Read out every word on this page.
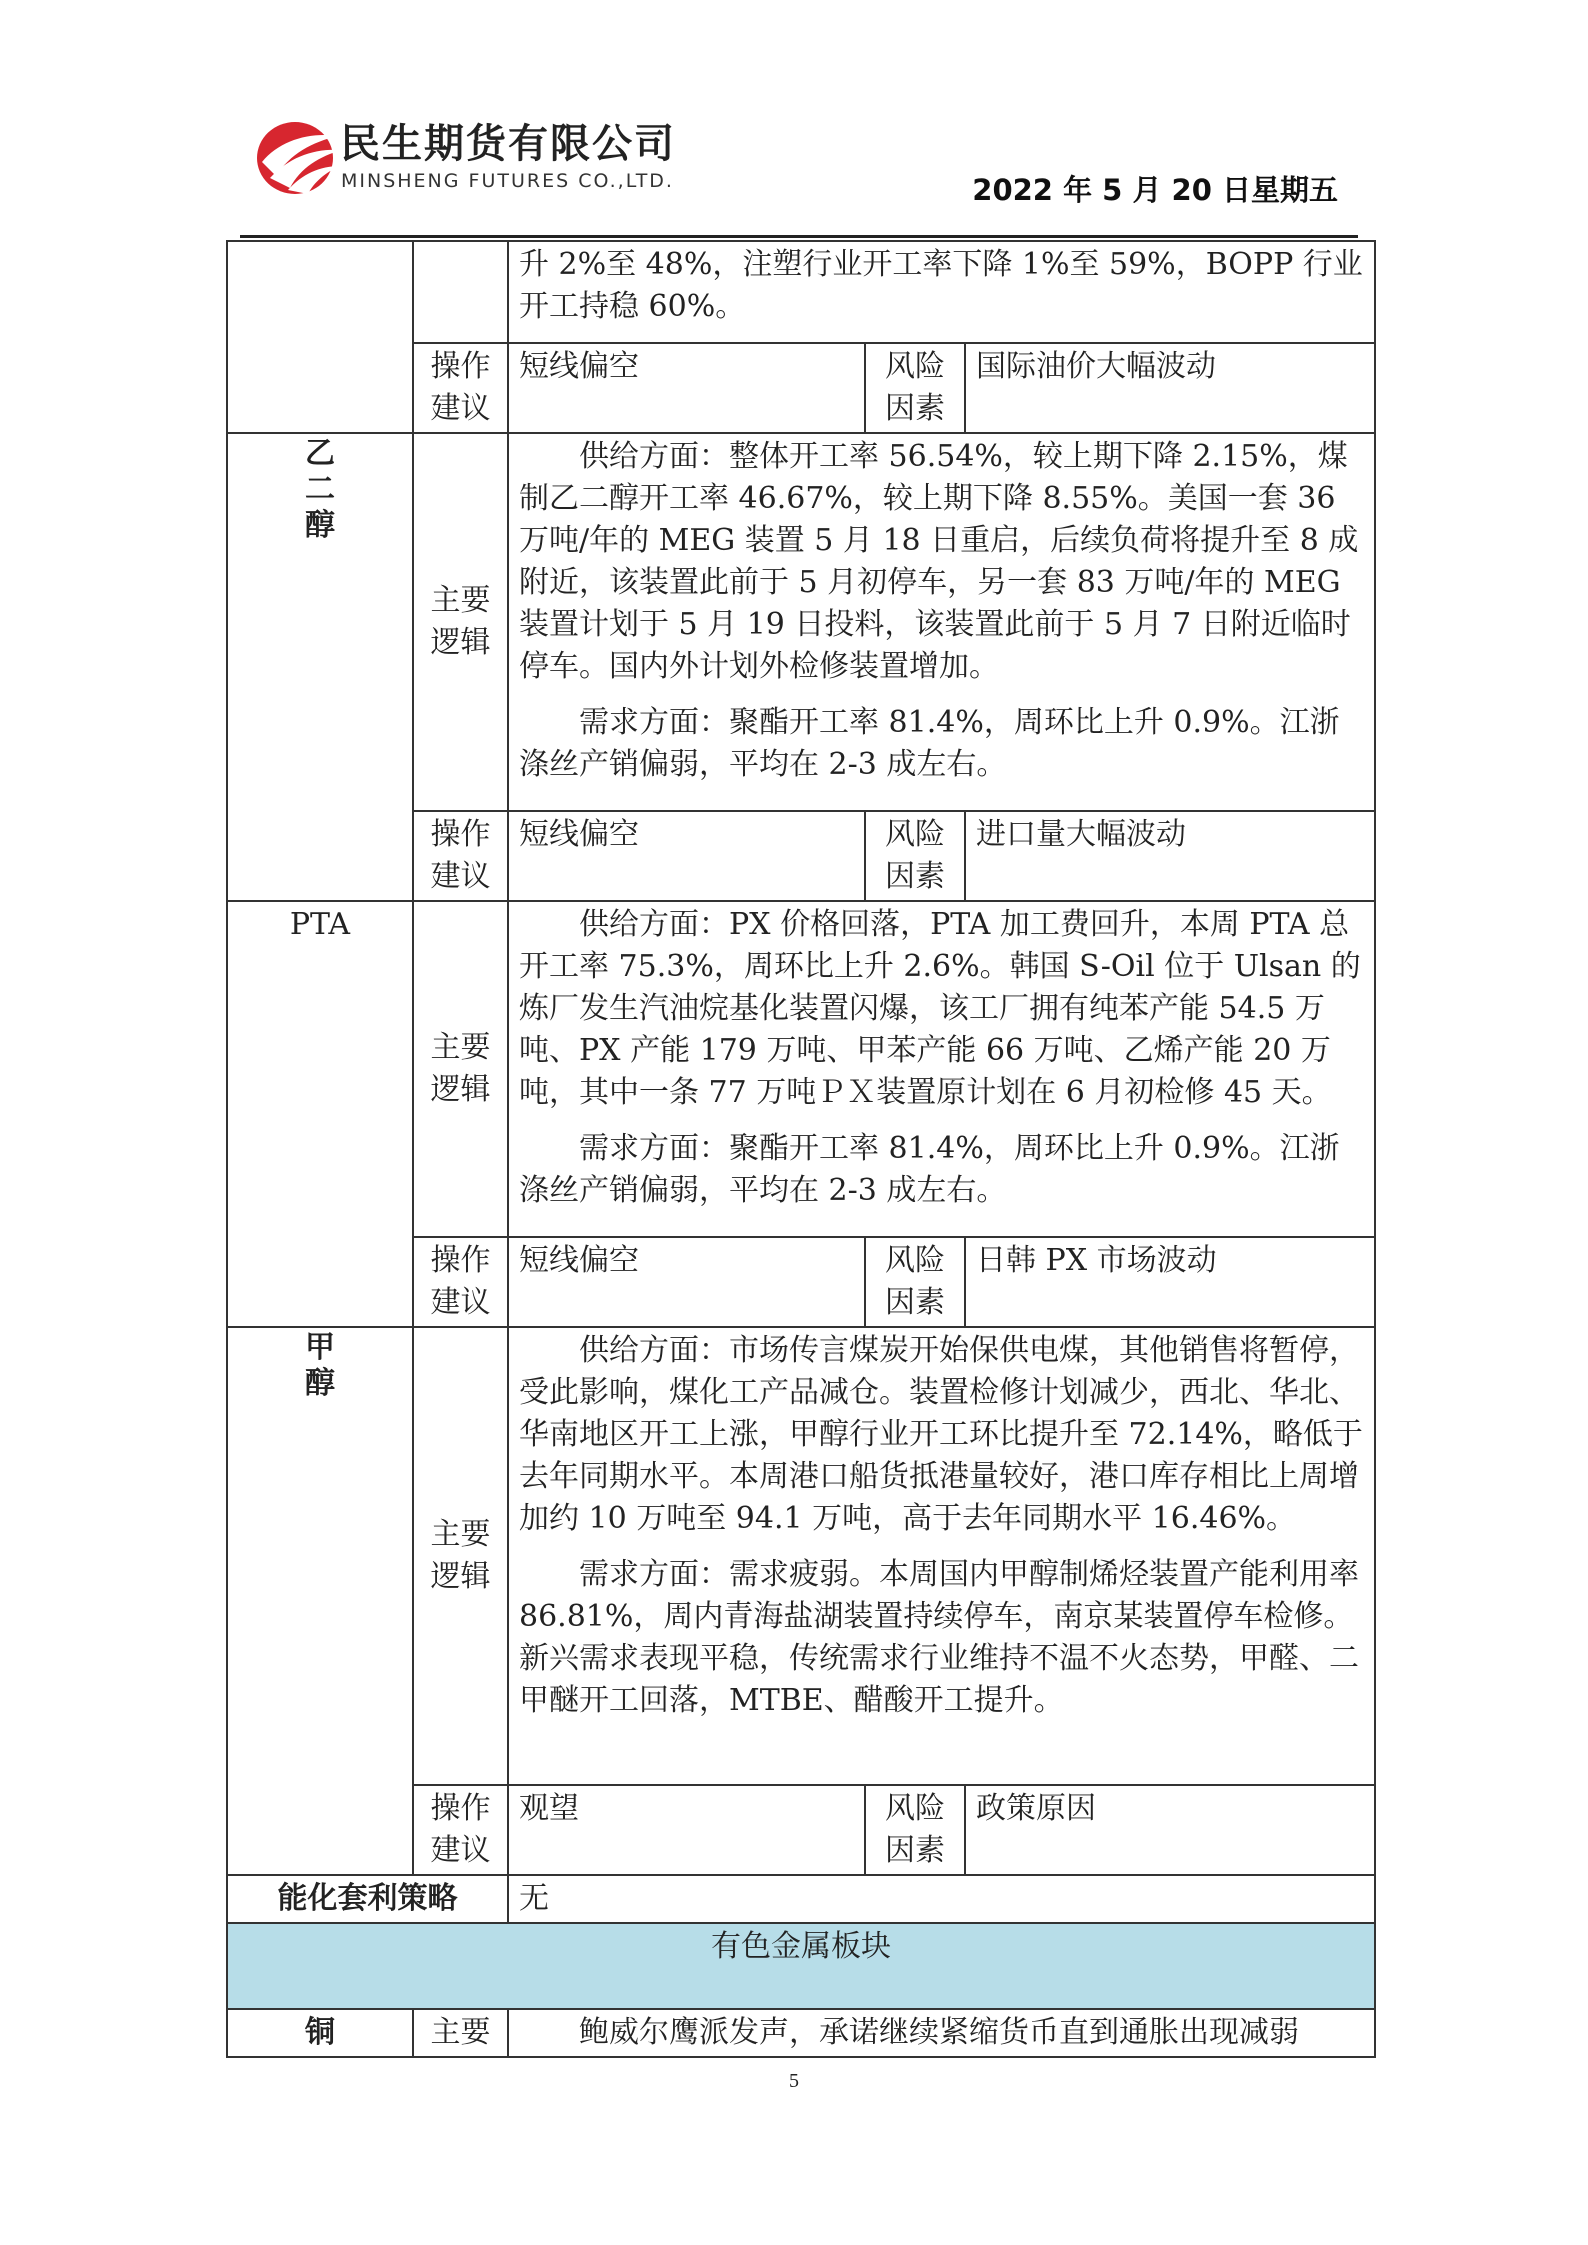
民生期货有限公司
MINSHENG FUTURES CO.,LTD.	2022 年 5 月 20 日星期五
		升 2%至 48%，注塑行业开工率下降 1%至 59%，BOPP 行业开工持稳 60%。		
	操作建议	短线偏空	风险因素	国际油价大幅波动

乙二醇	主要逻辑	供给方面：整体开工率 56.54%，较上期下降 2.15%，煤制乙二醇开工率 46.67%，较上期下降 8.55%。美国一套 36 万吨/年的 MEG 装置 5 月 18 日重启，后续负荷将提升至 8 成附近，该装置此前于 5 月初停车，另一套 83 万吨/年的 MEG 装置计划于 5 月 19 日投料，该装置此前于 5 月 7 日附近临时停车。国内外计划外检修装置增加。

需求方面：聚酯开工率 81.4%，周环比上升 0.9%。江浙涤丝产销偏弱，平均在 2-3 成左右。		

	操作建议	短线偏空	风险因素	进口量大幅波动
PTA	主要逻辑	供给方面：PX 价格回落，PTA 加工费回升，本周 PTA 总开工率 75.3%，周环比上升 2.6%。韩国 S-Oil 位于 Ulsan 的炼厂发生汽油烷基化装置闪爆，该工厂拥有纯苯产能 54.5 万吨、PX 产能 179 万吨、甲苯产能 66 万吨、乙烯产能 20 万吨，其中一条 77 万吨ＰＸ装置原计划在 6 月初检修 45 天。

需求方面：聚酯开工率 81.4%，周环比上升 0.9%。江浙涤丝产销偏弱，平均在 2-3 成左右。		

	操作建议	短线偏空	风险因素	日韩 PX 市场波动

甲醇	主要逻辑	供给方面：市场传言煤炭开始保供电煤，其他销售将暂停，受此影响，煤化工产品减仓。装置检修计划减少，西北、华北、华南地区开工上涨，甲醇行业开工环比提升至 72.14%，略低于去年同期水平。本周港口船货抵港量较好，港口库存相比上周增加约 10 万吨至 94.1 万吨，高于去年同期水平 16.46%。

需求方面：需求疲弱。本周国内甲醇制烯烃装置产能利用率 86.81%，周内青海盐湖装置持续停车，南京某装置停车检修。新兴需求表现平稳，传统需求行业维持不温不火态势，甲醛、二甲醚开工回落，MTBE、醋酸开工提升。		

	操作建议	观望	风险因素	政策原因
能化套利策略		无		
有色金属板块				
铜	主要	鲍威尔鹰派发声，承诺继续紧缩货币直到通胀出现减弱		

5
